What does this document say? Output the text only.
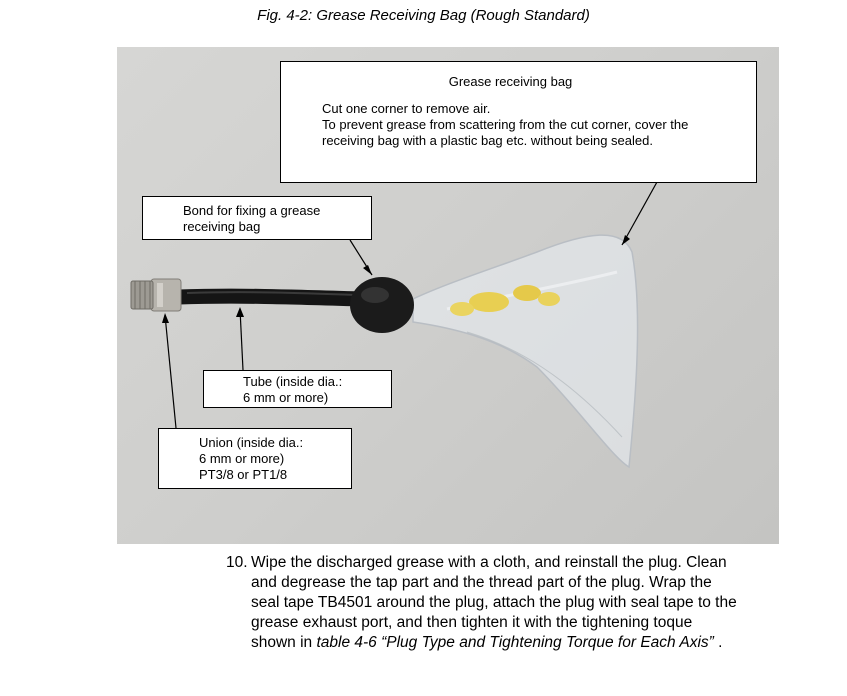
Fig. 4-2: Grease Receiving Bag (Rough Standard)
Grease receiving bag
Cut one corner to remove air.
To prevent grease from scattering from the cut corner, cover the
receiving bag with a plastic bag etc. without being sealed.
Bond for fixing a grease
receiving bag
Tube (inside dia.:
6 mm or more)
Union (inside dia.:
6 mm or more)
PT3/8 or PT1/8
10. Wipe the discharged grease with a cloth, and reinstall the plug. Clean
and degrease the tap part and the thread part of the plug. Wrap the
seal tape TB4501 around the plug, attach the plug with seal tape to the
grease exhaust port, and then tighten it with the tightening toque
shown in table 4-6 “Plug Type and Tightening Torque for Each Axis” .
